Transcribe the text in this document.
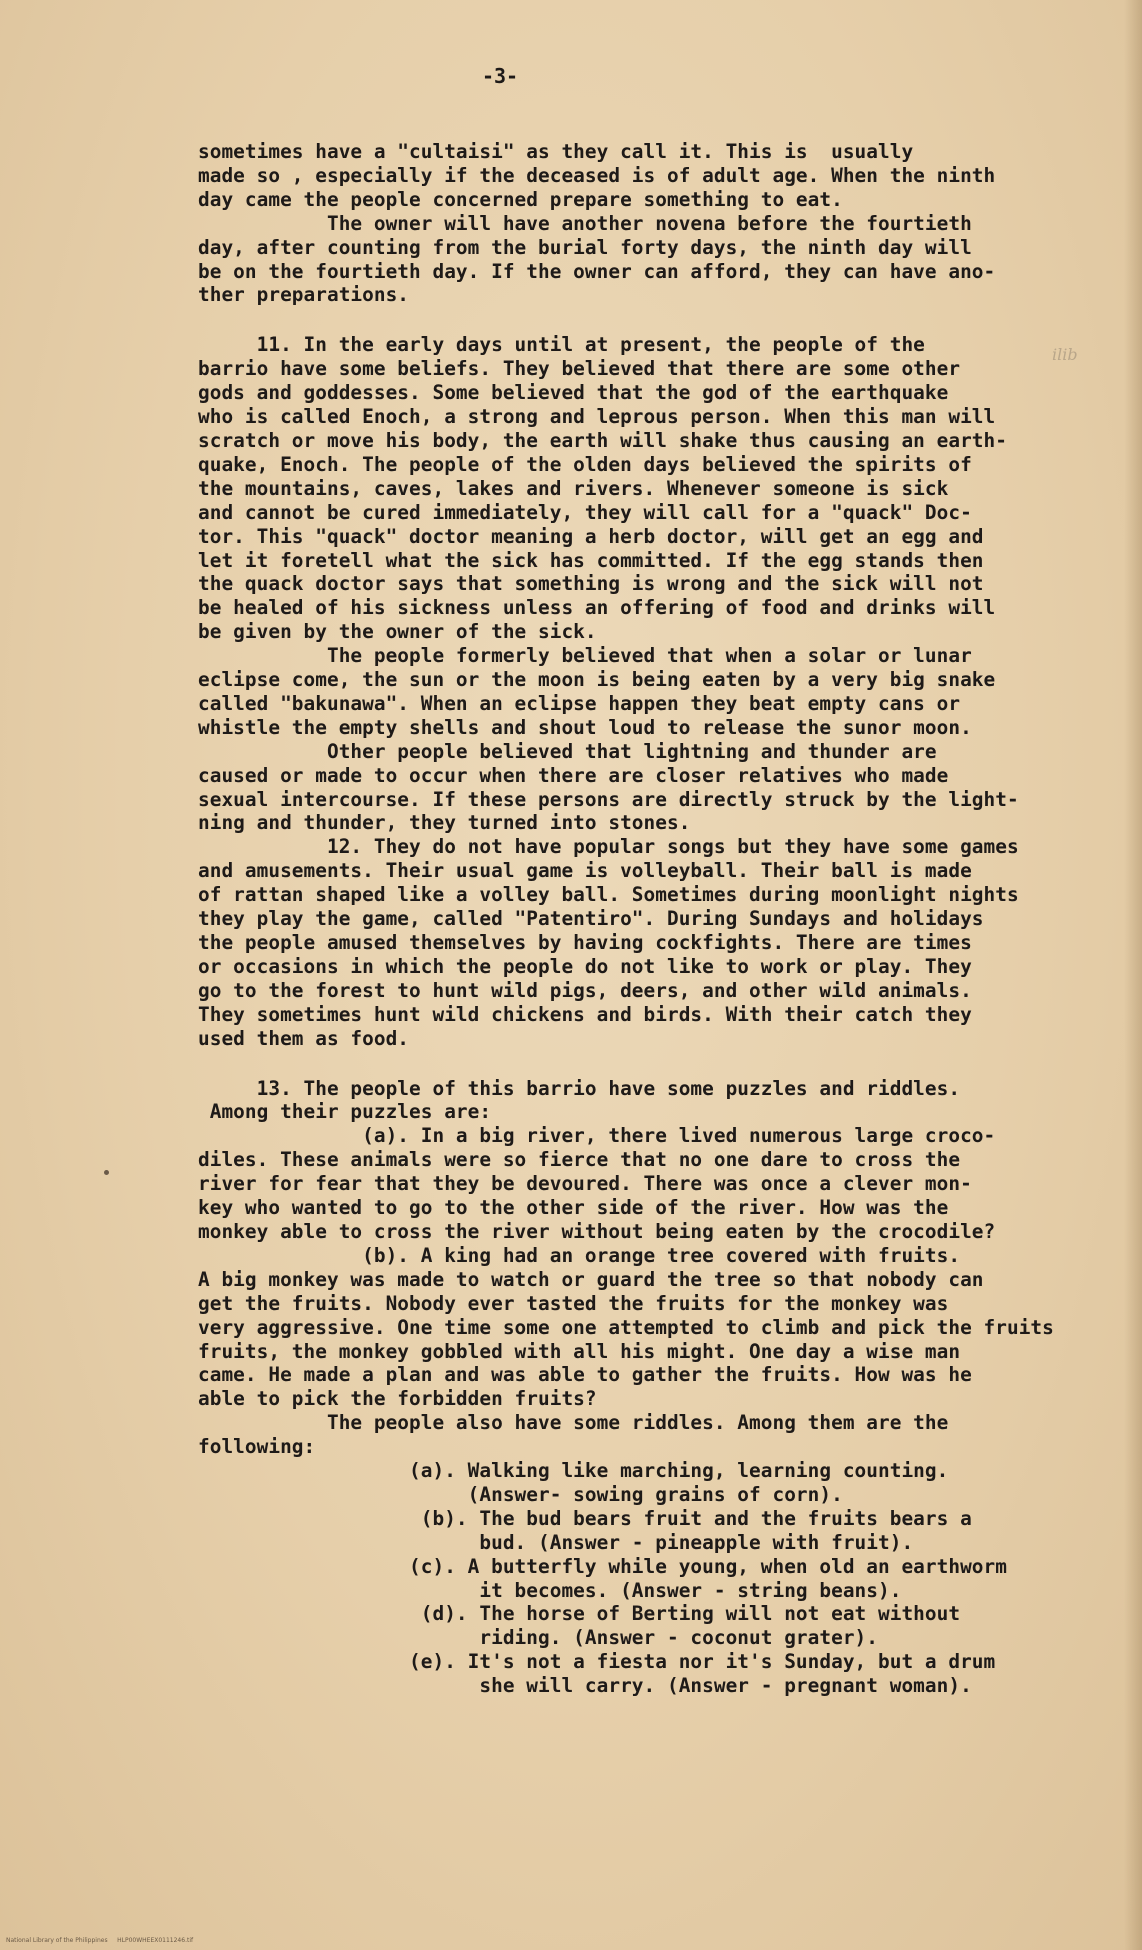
-3-
ilib

sometimes have a "cultaisi" as they call it. This is  usually

made so , especially if the deceased is of adult age. When the ninth

day came the people concerned prepare something to eat.

The owner will have another novena before the fourtieth

day, after counting from the burial forty days, the ninth day will

be on the fourtieth day. If the owner can afford, they can have ano-

ther preparations.

11. In the early days until at present, the people of the

barrio have some beliefs. They believed that there are some other

gods and goddesses. Some believed that the god of the earthquake

who is called Enoch, a strong and leprous person. When this man will

scratch or move his body, the earth will shake thus causing an earth-

quake, Enoch. The people of the olden days believed the spirits of

the mountains, caves, lakes and rivers. Whenever someone is sick

and cannot be cured immediately, they will call for a "quack" Doc-

tor. This "quack" doctor meaning a herb doctor, will get an egg and

let it foretell what the sick has committed. If the egg stands then

the quack doctor says that something is wrong and the sick will not

be healed of his sickness unless an offering of food and drinks will

be given by the owner of the sick.

The people formerly believed that when a solar or lunar

eclipse come, the sun or the moon is being eaten by a very big snake

called "bakunawa". When an eclipse happen they beat empty cans or

whistle the empty shells and shout loud to release the sunor moon.

Other people believed that lightning and thunder are

caused or made to occur when there are closer relatives who made

sexual intercourse. If these persons are directly struck by the light-

ning and thunder, they turned into stones.

12. They do not have popular songs but they have some games

and amusements. Their usual game is volleyball. Their ball is made

of rattan shaped like a volley ball. Sometimes during moonlight nights

they play the game, called "Patentiro". During Sundays and holidays

the people amused themselves by having cockfights. There are times

or occasions in which the people do not like to work or play. They

go to the forest to hunt wild pigs, deers, and other wild animals.

They sometimes hunt wild chickens and birds. With their catch they

used them as food.

13. The people of this barrio have some puzzles and riddles.

Among their puzzles are:

(a). In a big river, there lived numerous large croco-

diles. These animals were so fierce that no one dare to cross the

river for fear that they be devoured. There was once a clever mon-

key who wanted to go to the other side of the river. How was the

monkey able to cross the river without being eaten by the crocodile?

(b). A king had an orange tree covered with fruits.

A big monkey was made to watch or guard the tree so that nobody can

get the fruits. Nobody ever tasted the fruits for the monkey was

very aggressive. One time some one attempted to climb and pick the fruits

fruits, the monkey gobbled with all his might. One day a wise man

came. He made a plan and was able to gather the fruits. How was he

able to pick the forbidden fruits?

The people also have some riddles. Among them are the

following:

(a). Walking like marching, learning counting.

(Answer- sowing grains of corn).

(b). The bud bears fruit and the fruits bears a

bud. (Answer - pineapple with fruit).

(c). A butterfly while young, when old an earthworm

it becomes. (Answer - string beans).

(d). The horse of Berting will not eat without

riding. (Answer - coconut grater).

(e). It's not a fiesta nor it's Sunday, but a drum

she will carry. (Answer - pregnant woman).

National Library of the Philippines     HLP00WHEEX0111246.tif
